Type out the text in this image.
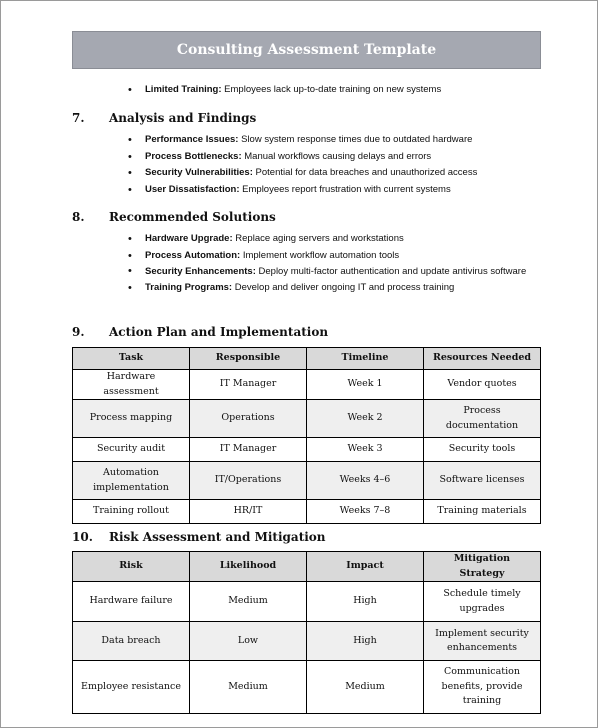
Consulting Assessment Template
• Limited Training: Employees lack up-to-date training on new systems
7. Analysis and Findings
• Performance Issues: Slow system response times due to outdated hardware
• Process Bottlenecks: Manual workflows causing delays and errors
• Security Vulnerabilities: Potential for data breaches and unauthorized access
• User Dissatisfaction: Employees report frustration with current systems
8. Recommended Solutions
• Hardware Upgrade: Replace aging servers and workstations
• Process Automation: Implement workflow automation tools
• Security Enhancements: Deploy multi-factor authentication and update antivirus software
• Training Programs: Develop and deliver ongoing IT and process training
9. Action Plan and Implementation
Task	Responsible	Timeline	Resources Needed
Hardware assessment	IT Manager	Week 1	Vendor quotes
Process mapping	Operations	Week 2	Process documentation
Security audit	IT Manager	Week 3	Security tools
Automation implementation	IT/Operations	Weeks 4–6	Software licenses
Training rollout	HR/IT	Weeks 7–8	Training materials
10. Risk Assessment and Mitigation
Risk	Likelihood	Impact	Mitigation Strategy
Hardware failure	Medium	High	Schedule timely upgrades
Data breach	Low	High	Implement security enhancements
Employee resistance	Medium	Medium	Communication benefits, provide training
